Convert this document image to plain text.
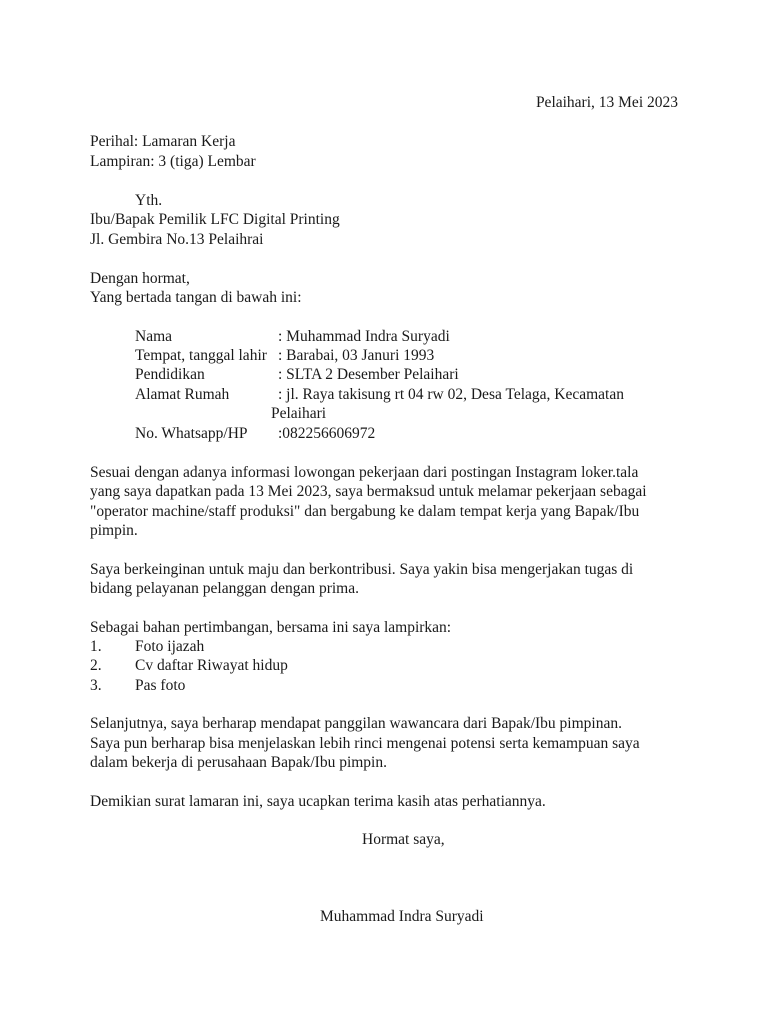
Pelaihari, 13 Mei 2023
Perihal: Lamaran Kerja
Lampiran: 3 (tiga) Lembar
Yth.
Ibu/Bapak Pemilik LFC Digital Printing
Jl. Gembira No.13 Pelaihrai
Dengan hormat,
Yang bertada tangan di bawah ini:
Nama	: Muhammad Indra Suryadi
Tempat, tanggal lahir : Barabai, 03 Januri 1993
Pendidikan	: SLTA 2 Desember Pelaihari
Alamat Rumah	: jl. Raya takisung rt 04 rw 02, Desa Telaga, Kecamatan
Pelaihari
No. Whatsapp/HP :082256606972
Sesuai dengan adanya informasi lowongan pekerjaan dari postingan Instagram loker.tala
yang saya dapatkan pada 13 Mei 2023, saya bermaksud untuk melamar pekerjaan sebagai
"operator machine/staff produksi" dan bergabung ke dalam tempat kerja yang Bapak/Ibu
pimpin.
Saya berkeinginan untuk maju dan berkontribusi. Saya yakin bisa mengerjakan tugas di
bidang pelayanan pelanggan dengan prima.
Sebagai bahan pertimbangan, bersama ini saya lampirkan:
1. Foto ijazah
2. Cv daftar Riwayat hidup
3. Pas foto
Selanjutnya, saya berharap mendapat panggilan wawancara dari Bapak/Ibu pimpinan.
Saya pun berharap bisa menjelaskan lebih rinci mengenai potensi serta kemampuan saya
dalam bekerja di perusahaan Bapak/Ibu pimpin.
Demikian surat lamaran ini, saya ucapkan terima kasih atas perhatiannya.
Hormat saya,
Muhammad Indra Suryadi
